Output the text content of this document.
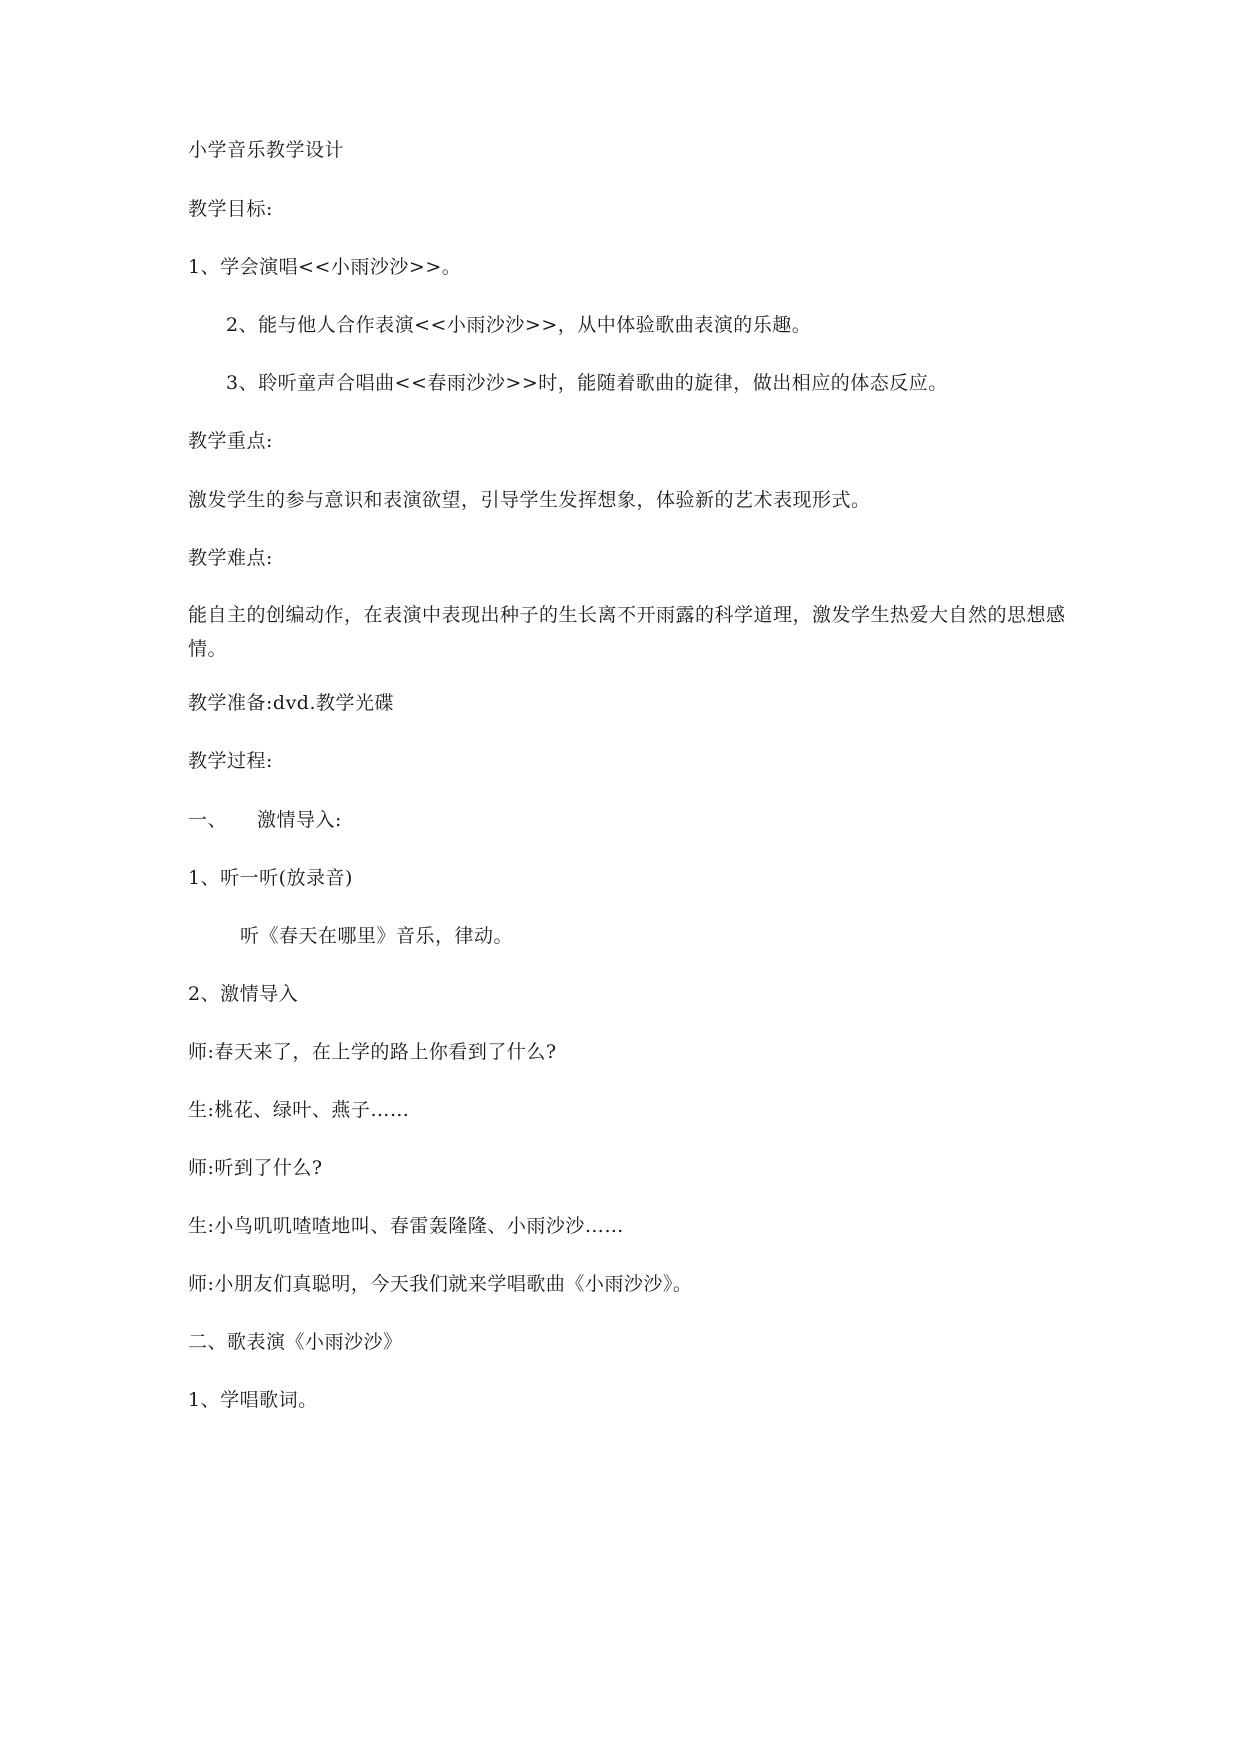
小学音乐教学设计
教学目标:
1、学会演唱<<小雨沙沙>>。
2、能与他人合作表演<<小雨沙沙>>，从中体验歌曲表演的乐趣。
3、聆听童声合唱曲<<春雨沙沙>>时，能随着歌曲的旋律，做出相应的体态反应。
教学重点:
激发学生的参与意识和表演欲望，引导学生发挥想象，体验新的艺术表现形式。
教学难点:
能自主的创编动作，在表演中表现出种子的生长离不开雨露的科学道理，激发学生热爱大自然的思想感情。
教学准备:dvd.教学光碟
教学过程:
一、 激情导入:
1、听一听(放录音)
听《春天在哪里》音乐，律动。
2、激情导入
师:春天来了，在上学的路上你看到了什么?
生:桃花、绿叶、燕子……
师:听到了什么?
生:小鸟叽叽喳喳地叫、春雷轰隆隆、小雨沙沙……
师:小朋友们真聪明，今天我们就来学唱歌曲《小雨沙沙》。
二、歌表演《小雨沙沙》
1、学唱歌词。
